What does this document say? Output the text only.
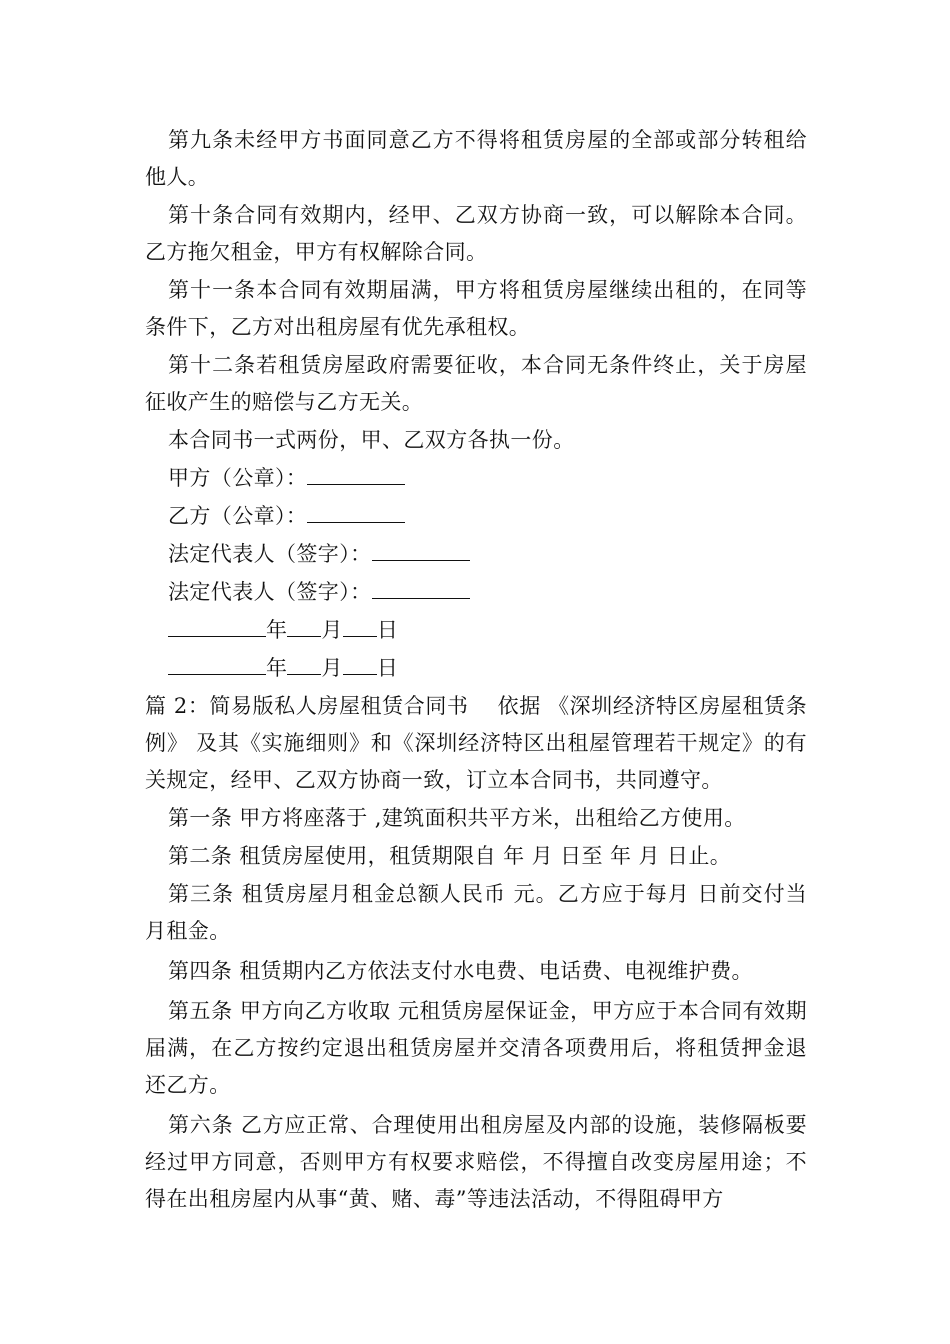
第九条未经甲方书面同意乙方不得将租赁房屋的全部或部分转租给他人。

第十条合同有效期内，经甲、乙双方协商一致，可以解除本合同。乙方拖欠租金，甲方有权解除合同。

第十一条本合同有效期届满，甲方将租赁房屋继续出租的，在同等条件下，乙方对出租房屋有优先承租权。

第十二条若租赁房屋政府需要征收，本合同无条件终止，关于房屋征收产生的赔偿与乙方无关。

本合同书一式两份，甲、乙双方各执一份。

甲方（公章）：

乙方（公章）：

法定代表人（签字）：

法定代表人（签字）：

年 月 日

年 月 日

篇 2：简易版私人房屋租赁合同书 依据 《深圳经济特区房屋租赁条例》 及其《实施细则》和《深圳经济特区出租屋管理若干规定》的有关规定，经甲、乙双方协商一致，订立本合同书，共同遵守。

第一条 甲方将座落于 ,建筑面积共平方米，出租给乙方使用。

第二条 租赁房屋使用，租赁期限自 年 月 日至 年 月 日止。

第三条 租赁房屋月租金总额人民币 元。乙方应于每月 日前交付当月租金。

第四条 租赁期内乙方依法支付水电费、电话费、电视维护费。

第五条 甲方向乙方收取 元租赁房屋保证金，甲方应于本合同有效期届满，在乙方按约定退出租赁房屋并交清各项费用后，将租赁押金退还乙方。

第六条 乙方应正常、合理使用出租房屋及内部的设施，装修隔板要经过甲方同意，否则甲方有权要求赔偿，不得擅自改变房屋用途；不得在出租房屋内从事“黄、赌、毒”等违法活动，不得阻碍甲方
